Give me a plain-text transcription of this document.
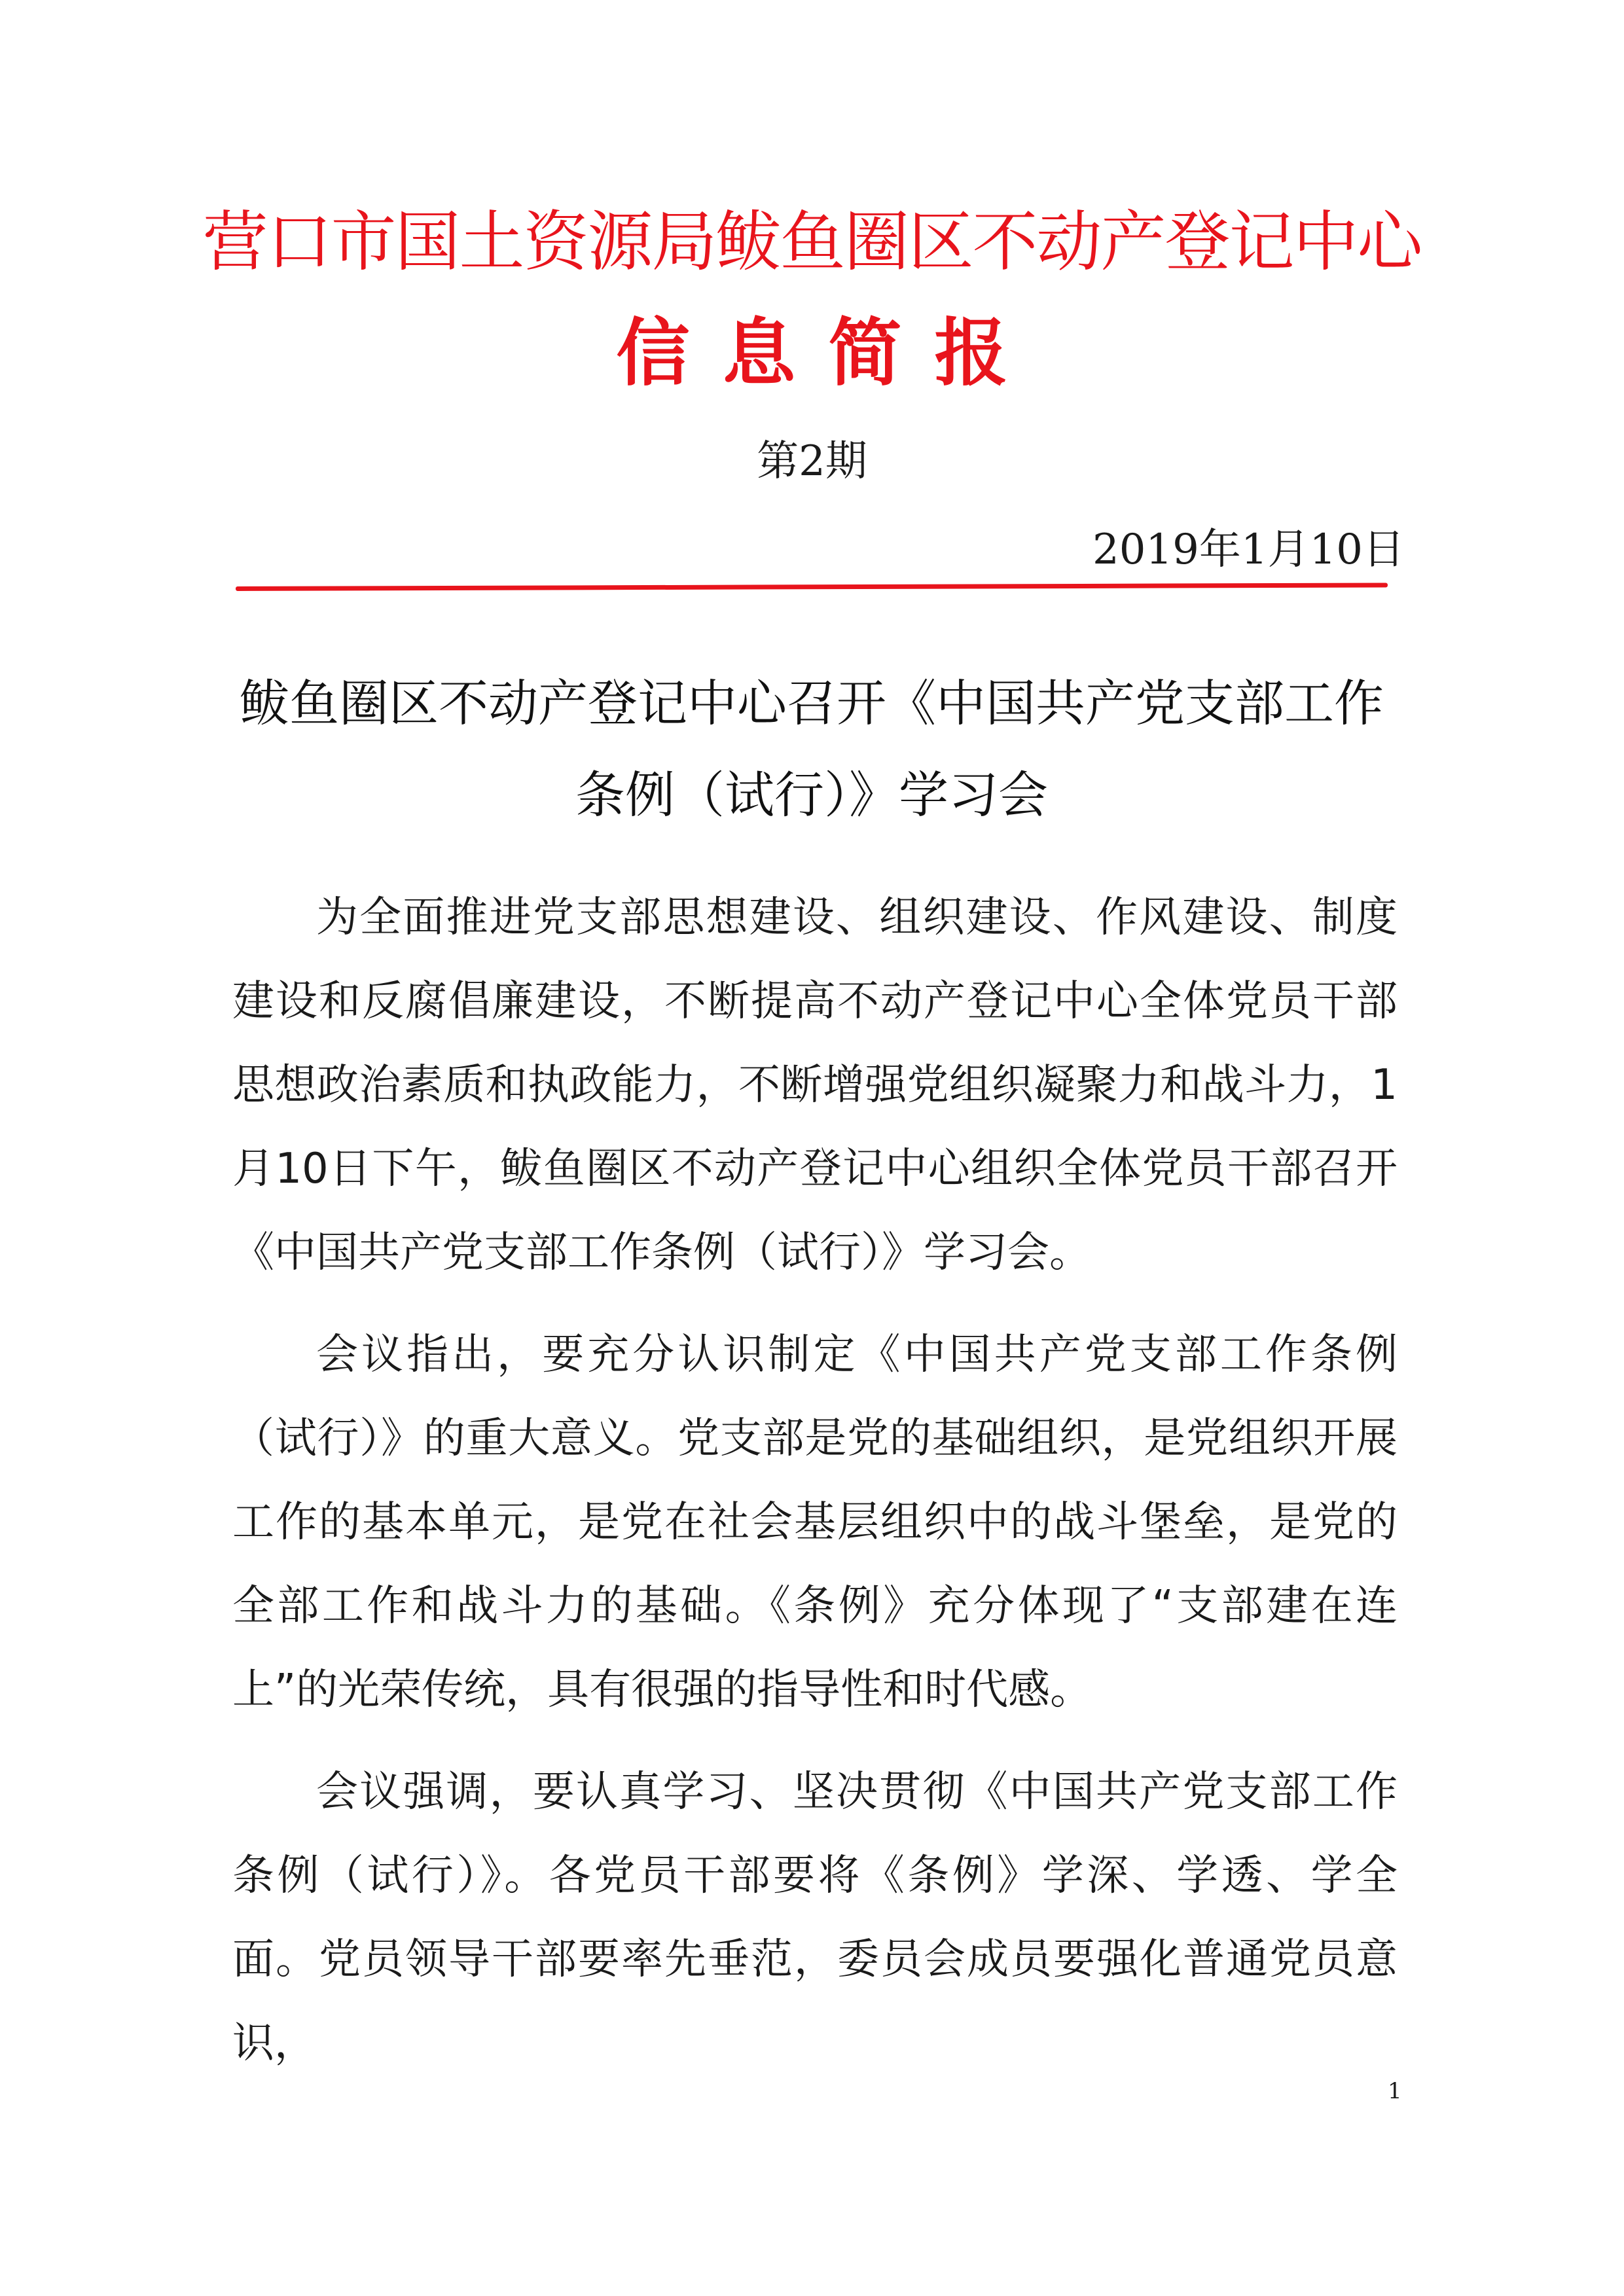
营口市国土资源局鲅鱼圈区不动产登记中心
信息简报
第2期
2019年1月10日
鲅鱼圈区不动产登记中心召开《中国共产党支部工作条例（试行）》学习会

为全面推进党支部思想建设、组织建设、作风建设、制度建设和反腐倡廉建设，不断提高不动产登记中心全体党员干部思想政治素质和执政能力，不断增强党组织凝聚力和战斗力，1月10日下午，鲅鱼圈区不动产登记中心组织全体党员干部召开《中国共产党支部工作条例（试行）》学习会。

会议指出，要充分认识制定《中国共产党支部工作条例（试行）》的重大意义。党支部是党的基础组织，是党组织开展工作的基本单元，是党在社会基层组织中的战斗堡垒，是党的全部工作和战斗力的基础。《条例》充分体现了“支部建在连上”的光荣传统，具有很强的指导性和时代感。

会议强调，要认真学习、坚决贯彻《中国共产党支部工作条例（试行）》。各党员干部要将《条例》学深、学透、学全面。党员领导干部要率先垂范，委员会成员要强化普通党员意识，

1
